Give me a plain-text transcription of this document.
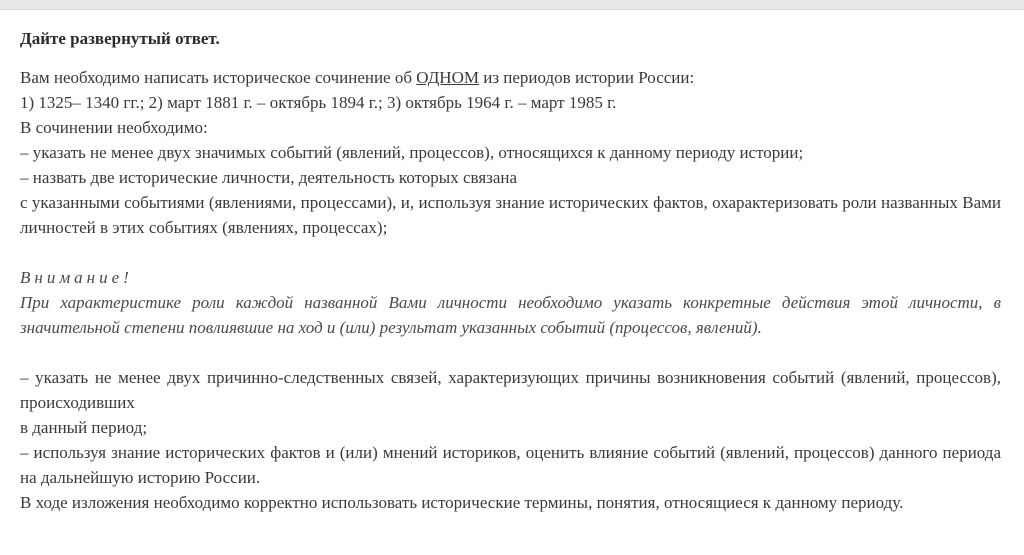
Дайте развернутый ответ.

Вам необходимо написать историческое сочинение об ОДНОМ из периодов истории России:

1) 1325– 1340 гг.; 2) март 1881 г. – октябрь 1894 г.; 3) октябрь 1964 г. – март 1985 г.

В сочинении необходимо:

– указать не менее двух значимых событий (явлений, процессов), относящихся к данному периоду истории;

– назвать две исторические личности, деятельность которых связана

с указанными событиями (явлениями, процессами), и, используя знание исторических фактов, охарактеризовать роли названных Вами личностей в этих событиях (явлениях, процессах);

Внимание!

При характеристике роли каждой названной Вами личности необходимо указать конкретные действия этой личности, в значительной степени повлиявшие на ход и (или) результат указанных событий (процессов, явлений).

– указать не менее двух причинно-следственных связей, характеризующих причины возникновения событий (явлений, процессов), происходивших

в данный период;

– используя знание исторических фактов и (или) мнений историков, оценить влияние событий (явлений, процессов) данного периода на дальнейшую историю России.

В ходе изложения необходимо корректно использовать исторические термины, понятия, относящиеся к данному периоду.
